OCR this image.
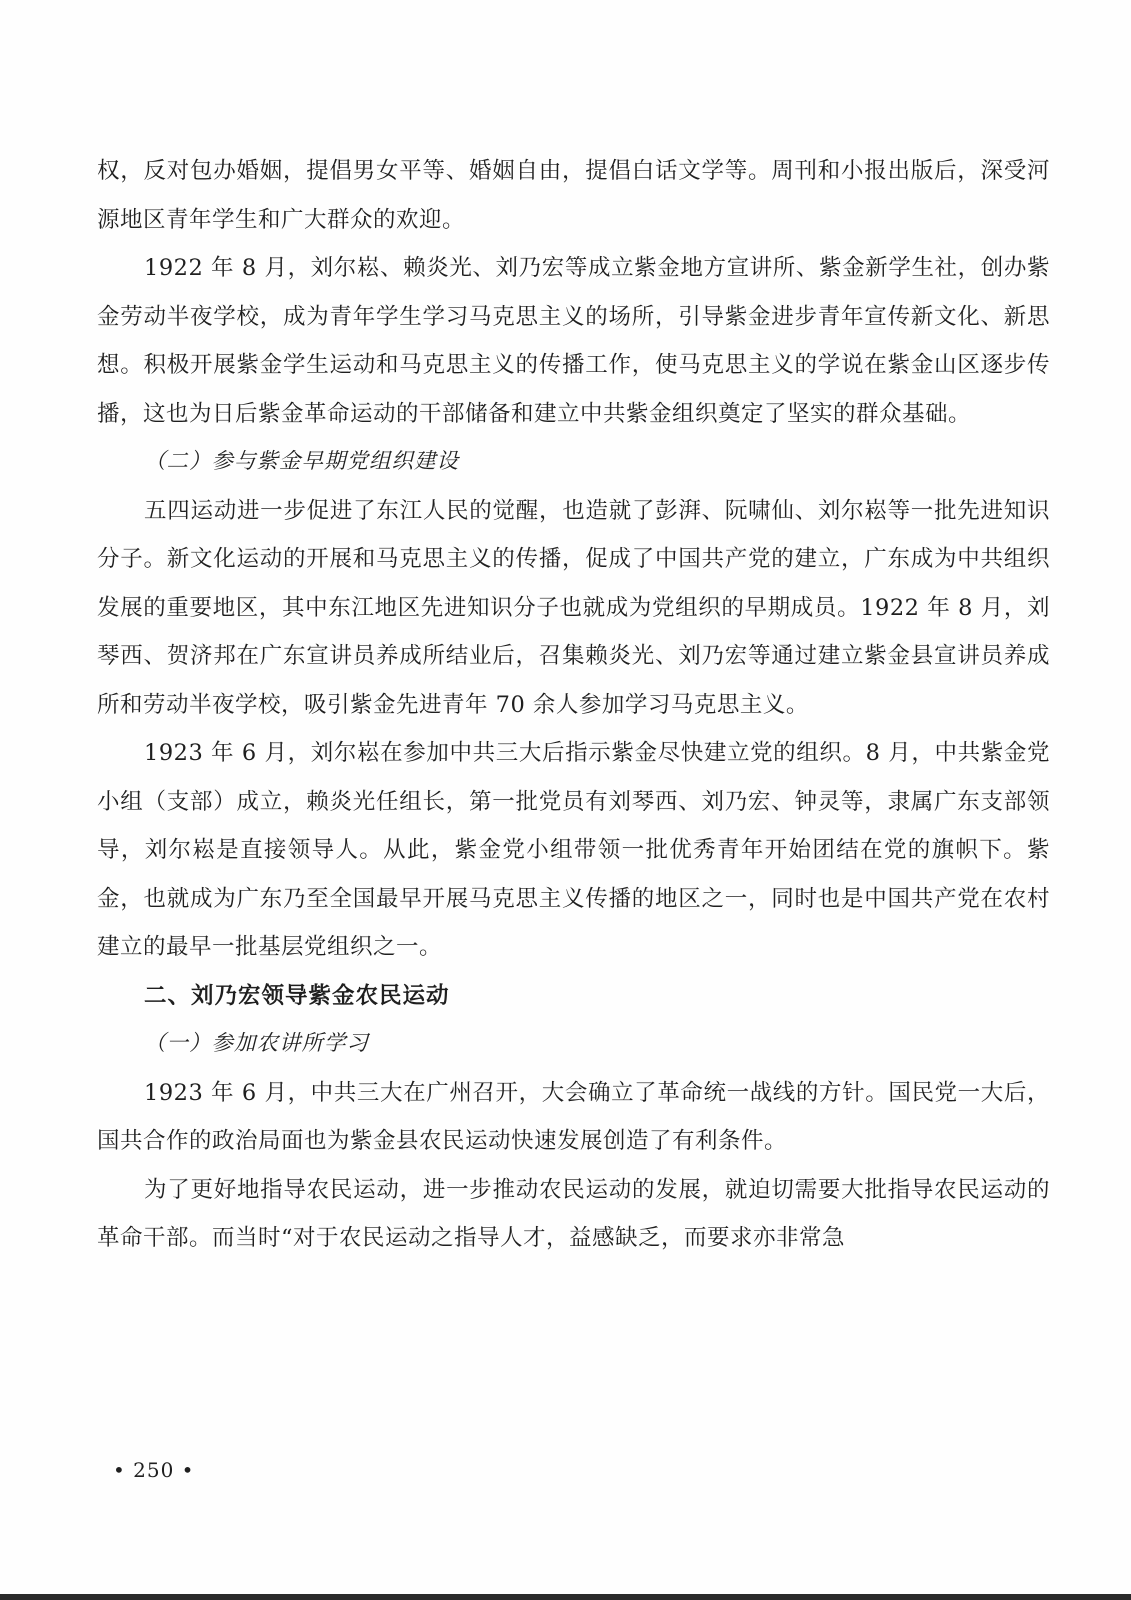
权，反对包办婚姻，提倡男女平等、婚姻自由，提倡白话文学等。周刊和小报出版后，深受河源地区青年学生和广大群众的欢迎。

1922 年 8 月，刘尔崧、赖炎光、刘乃宏等成立紫金地方宣讲所、紫金新学生社，创办紫金劳动半夜学校，成为青年学生学习马克思主义的场所，引导紫金进步青年宣传新文化、新思想。积极开展紫金学生运动和马克思主义的传播工作，使马克思主义的学说在紫金山区逐步传播，这也为日后紫金革命运动的干部储备和建立中共紫金组织奠定了坚实的群众基础。

（二）参与紫金早期党组织建设

五四运动进一步促进了东江人民的觉醒，也造就了彭湃、阮啸仙、刘尔崧等一批先进知识分子。新文化运动的开展和马克思主义的传播，促成了中国共产党的建立，广东成为中共组织发展的重要地区，其中东江地区先进知识分子也就成为党组织的早期成员。1922 年 8 月，刘琴西、贺济邦在广东宣讲员养成所结业后，召集赖炎光、刘乃宏等通过建立紫金县宣讲员养成所和劳动半夜学校，吸引紫金先进青年 70 余人参加学习马克思主义。

1923 年 6 月，刘尔崧在参加中共三大后指示紫金尽快建立党的组织。8 月，中共紫金党小组（支部）成立，赖炎光任组长，第一批党员有刘琴西、刘乃宏、钟灵等，隶属广东支部领导，刘尔崧是直接领导人。从此，紫金党小组带领一批优秀青年开始团结在党的旗帜下。紫金，也就成为广东乃至全国最早开展马克思主义传播的地区之一，同时也是中国共产党在农村建立的最早一批基层党组织之一。

二、刘乃宏领导紫金农民运动

（一）参加农讲所学习

1923 年 6 月，中共三大在广州召开，大会确立了革命统一战线的方针。国民党一大后，国共合作的政治局面也为紫金县农民运动快速发展创造了有利条件。

为了更好地指导农民运动，进一步推动农民运动的发展，就迫切需要大批指导农民运动的革命干部。而当时“对于农民运动之指导人才，益感缺乏，而要求亦非常急

• 250 •
